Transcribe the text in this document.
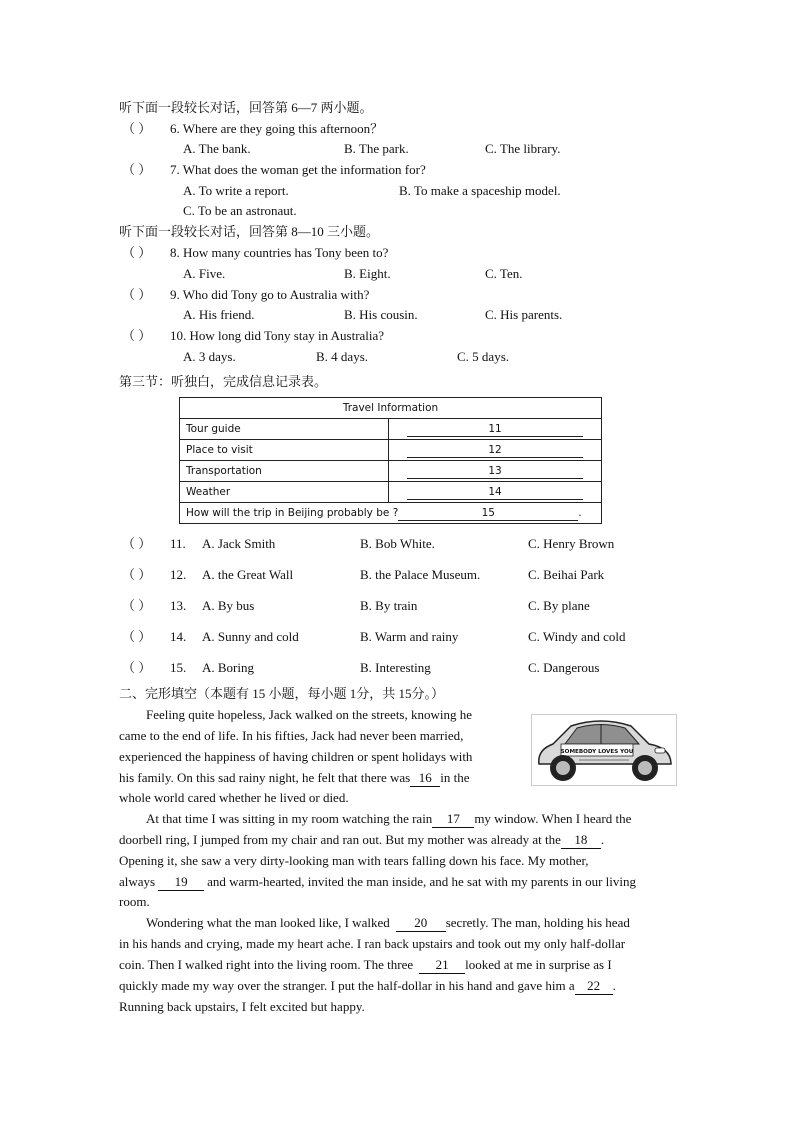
听下面一段较长对话，回答第 6—7 两小题。
（ ） 6. Where are they going this afternoon？
A. The bank.	B. The park.	C. The library.
（ ） 7. What does the woman get the information for?
A. To write a report.	B. To make a spaceship model.
C. To be an astronaut.
听下面一段较长对话，回答第 8—10 三小题。
（ ） 8. How many countries has Tony been to?
A. Five.	B. Eight.	C. Ten.
（ ） 9. Who did Tony go to Australia with?
A. His friend.	B. His cousin.	C. His parents.
（ ） 10. How long did Tony stay in Australia?
A. 3 days.	B. 4 days.	C. 5 days.
第三节：听独白，完成信息记录表。
Travel Information	
Tour guide	11
Place to visit	12
Transportation	13
Weather	14
How will the trip in Beijing probably be ? 15 .	
（ ） 11. A. Jack Smith	B. Bob White.	C. Henry Brown
（ ） 12. A. the Great Wall	B. the Palace Museum.	C. Beihai Park
（ ） 13. A. By bus	B. By train	C. By plane
（ ） 14. A. Sunny and cold	B. Warm and rainy	C. Windy and cold
（ ） 15. A. Boring	B. Interesting	C. Dangerous
二、完形填空（本题有 15 小题，每小题 1分，共 15分。）
SOMEBODY LOVES YOU
Feeling quite hopeless, Jack walked on the streets, knowing he
came to the end of life. In his fifties, Jack had never been married,
experienced the happiness of having children or spent holidays with
his family. On this sad rainy night, he felt that there was 16 in the
whole world cared whether he lived or died.
At that time I was sitting in my room watching the rain 17 my window. When I heard the
doorbell ring, I jumped from my chair and ran out. But my mother was already at the 18 .
Opening it, she saw a very dirty-looking man with tears falling down his face. My mother,
always 19 and warm-hearted, invited the man inside, and he sat with my parents in our living
room.
Wondering what the man looked like, I walked 20 secretly. The man, holding his head
in his hands and crying, made my heart ache. I ran back upstairs and took out my only half-dollar
coin. Then I walked right into the living room. The three 21 looked at me in surprise as I
quickly made my way over the stranger. I put the half-dollar in his hand and gave him a 22 .
Running back upstairs, I felt excited but happy.
